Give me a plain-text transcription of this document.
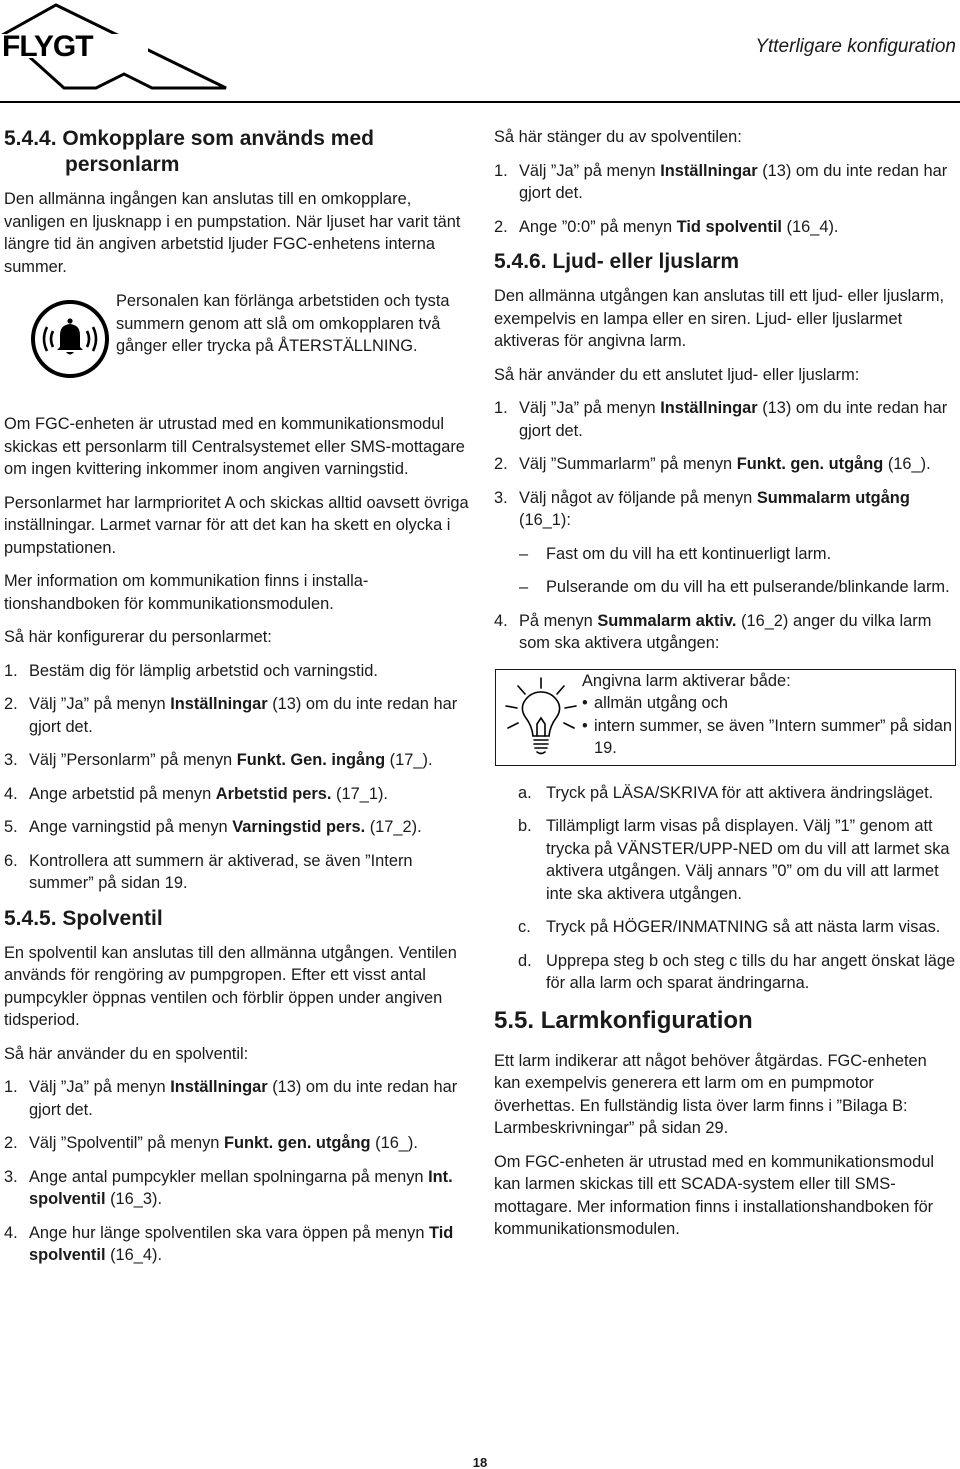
FLYGT	Ytterligare konfiguration
5.4.4. Omkopplare som används med personlarm

Den allmänna ingången kan anslutas till en omkopplare, vanligen en ljusknapp i en pumpstation. När ljuset har varit tänt längre tid än angiven arbetstid ljuder FGC-enhetens interna summer.

Personalen kan förlänga arbetstiden och tysta summern genom att slå om omkopplaren två gånger eller trycka på ÅTERSTÄLLNING.

Om FGC-enheten är utrustad med en kommunikationsmodul skickas ett personlarm till Centralsystemet eller SMS-mottagare om ingen kvittering inkommer inom angiven varningstid.

Personlarmet har larmprioritet A och skickas alltid oavsett övriga inställningar. Larmet varnar för att det kan ha skett en olycka i pumpstationen.

Mer information om kommunikation finns i installationshandboken för kommunikationsmodulen.

Så här konfigurerar du personlarmet:

1. Bestäm dig för lämplig arbetstid och varningstid.
2. Välj ”Ja” på menyn Inställningar (13) om du inte redan har gjort det.
3. Välj ”Personlarm” på menyn Funkt. Gen. ingång (17_).
4. Ange arbetstid på menyn Arbetstid pers. (17_1).
5. Ange varningstid på menyn Varningstid pers. (17_2).
6. Kontrollera att summern är aktiverad, se även ”Intern summer” på sidan 19.
5.4.5. Spolventil

En spolventil kan anslutas till den allmänna utgången. Ventilen används för rengöring av pumpgropen. Efter ett visst antal pumpcykler öppnas ventilen och förblir öppen under angiven tidsperiod.

Så här använder du en spolventil:

1. Välj ”Ja” på menyn Inställningar (13) om du inte redan har gjort det.
2. Välj ”Spolventil” på menyn Funkt. gen. utgång (16_).
3. Ange antal pumpcykler mellan spolningarna på menyn Int. spolventil (16_3).
4. Ange hur länge spolventilen ska vara öppen på menyn Tid spolventil (16_4).

Så här stänger du av spolventilen:

1. Välj ”Ja” på menyn Inställningar (13) om du inte redan har gjort det.
2. Ange ”0:0” på menyn Tid spolventil (16_4).
5.4.6. Ljud- eller ljuslarm

Den allmänna utgången kan anslutas till ett ljud- eller ljuslarm, exempelvis en lampa eller en siren. Ljud- eller ljuslarmet aktiveras för angivna larm.

Så här använder du ett anslutet ljud- eller ljuslarm:

1. Välj ”Ja” på menyn Inställningar (13) om du inte redan har gjort det.
2. Välj ”Summarlarm” på menyn Funkt. gen. utgång (16_).
3. Välj något av följande på menyn Summalarm utgång (16_1):
–	Fast om du vill ha ett kontinuerligt larm.
–	Pulserande om du vill ha ett pulserande/blinkande larm.
4. På menyn Summalarm aktiv. (16_2) anger du vilka larm som ska aktivera utgången:
Angivna larm aktiverar både:
• allmän utgång och
• intern summer, se även ”Intern summer” på sidan 19.
a. Tryck på LÄSA/SKRIVA för att aktivera ändringsläget.
b. Tillämpligt larm visas på displayen. Välj ”1” genom att trycka på VÄNSTER/UPP-NED om du vill att larmet ska aktivera utgången. Välj annars ”0” om du vill att larmet inte ska aktivera utgången.
c. Tryck på HÖGER/INMATNING så att nästa larm visas.
d. Upprepa steg b och steg c tills du har angett önskat läge för alla larm och sparat ändringarna.
5.5. Larmkonfiguration

Ett larm indikerar att något behöver åtgärdas. FGC-enheten kan exempelvis generera ett larm om en pumpmotor överhettas. En fullständig lista över larm finns i ”Bilaga B: Larmbeskrivningar” på sidan 29.

Om FGC-enheten är utrustad med en kommunikationsmodul kan larmen skickas till ett SCADA-system eller till SMS-mottagare. Mer information finns i installationshandboken för kommunikationsmodulen.

18
